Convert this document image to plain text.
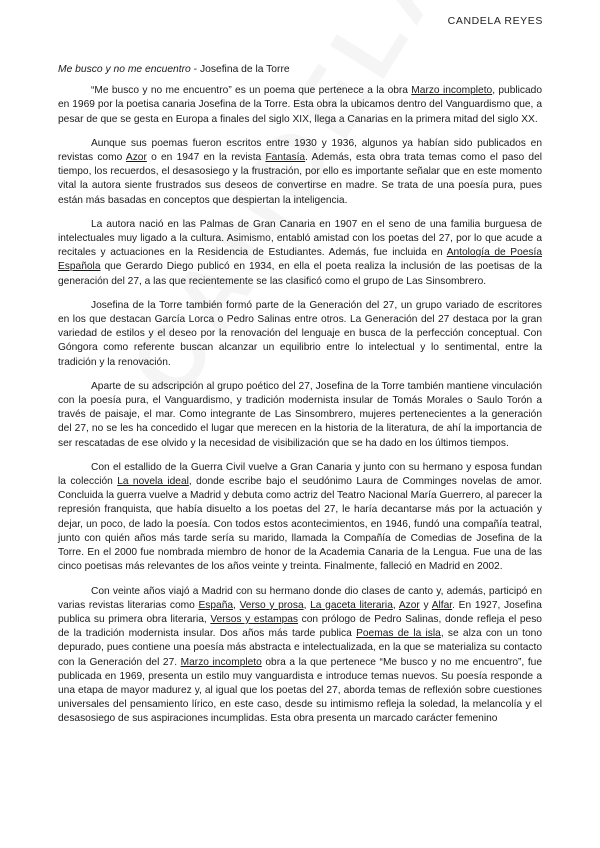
CANDELA REYES
Me busco y no me encuentro - Josefina de la Torre

“Me busco y no me encuentro” es un poema que pertenece a la obra Marzo incompleto, publicado en 1969 por la poetisa canaria Josefina de la Torre. Esta obra la ubicamos dentro del Vanguardismo que, a pesar de que se gesta en Europa a finales del siglo XIX, llega a Canarias en la primera mitad del siglo XX.

Aunque sus poemas fueron escritos entre 1930 y 1936, algunos ya habían sido publicados en revistas como Azor o en 1947 en la revista Fantasía. Además, esta obra trata temas como el paso del tiempo, los recuerdos, el desasosiego y la frustración, por ello es importante señalar que en este momento vital la autora siente frustrados sus deseos de convertirse en madre. Se trata de una poesía pura, pues están más basadas en conceptos que despiertan la inteligencia.

La autora nació en las Palmas de Gran Canaria en 1907 en el seno de una familia burguesa de intelectuales muy ligado a la cultura. Asimismo, entabló amistad con los poetas del 27, por lo que acude a recitales y actuaciones en la Residencia de Estudiantes. Además, fue incluida en Antología de Poesía Española que Gerardo Diego publicó en 1934, en ella el poeta realiza la inclusión de las poetisas de la generación del 27, a las que recientemente se las clasificó como el grupo de Las Sinsombrero.

Josefina de la Torre también formó parte de la Generación del 27, un grupo variado de escritores en los que destacan García Lorca o Pedro Salinas entre otros. La Generación del 27 destaca por la gran variedad de estilos y el deseo por la renovación del lenguaje en busca de la perfección conceptual. Con Góngora como referente buscan alcanzar un equilibrio entre lo intelectual y lo sentimental, entre la tradición y la renovación.

Aparte de su adscripción al grupo poético del 27, Josefina de la Torre también mantiene vinculación con la poesía pura, el Vanguardismo, y tradición modernista insular de Tomás Morales o Saulo Torón a través de paisaje, el mar. Como integrante de Las Sinsombrero, mujeres pertenecientes a la generación del 27, no se les ha concedido el lugar que merecen en la historia de la literatura, de ahí la importancia de ser rescatadas de ese olvido y la necesidad de visibilización que se ha dado en los últimos tiempos.

Con el estallido de la Guerra Civil vuelve a Gran Canaria y junto con su hermano y esposa fundan la colección La novela ideal, donde escribe bajo el seudónimo Laura de Comminges novelas de amor. Concluida la guerra vuelve a Madrid y debuta como actriz del Teatro Nacional María Guerrero, al parecer la represión franquista, que había disuelto a los poetas del 27, le haría decantarse más por la actuación y dejar, un poco, de lado la poesía. Con todos estos acontecimientos, en 1946, fundó una compañía teatral, junto con quién años más tarde sería su marido, llamada la Compañía de Comedias de Josefina de la Torre. En el 2000 fue nombrada miembro de honor de la Academia Canaria de la Lengua. Fue una de las cinco poetisas más relevantes de los años veinte y treinta. Finalmente, falleció en Madrid en 2002.

Con veinte años viajó a Madrid con su hermano donde dio clases de canto y, además, participó en varias revistas literarias como España, Verso y prosa, La gaceta literaria, Azor y Alfar. En 1927, Josefina publica su primera obra literaria, Versos y estampas con prólogo de Pedro Salinas, donde refleja el peso de la tradición modernista insular. Dos años más tarde publica Poemas de la isla, se alza con un tono depurado, pues contiene una poesía más abstracta e intelectualizada, en la que se materializa su contacto con la Generación del 27. Marzo incompleto obra a la que pertenece “Me busco y no me encuentro”, fue publicada en 1969, presenta un estilo muy vanguardista e introduce temas nuevos. Su poesía responde a una etapa de mayor madurez y, al igual que los poetas del 27, aborda temas de reflexión sobre cuestiones universales del pensamiento lírico, en este caso, desde su intimismo refleja la soledad, la melancolía y el desasosiego de sus aspiraciones incumplidas. Esta obra presenta un marcado carácter femenino
